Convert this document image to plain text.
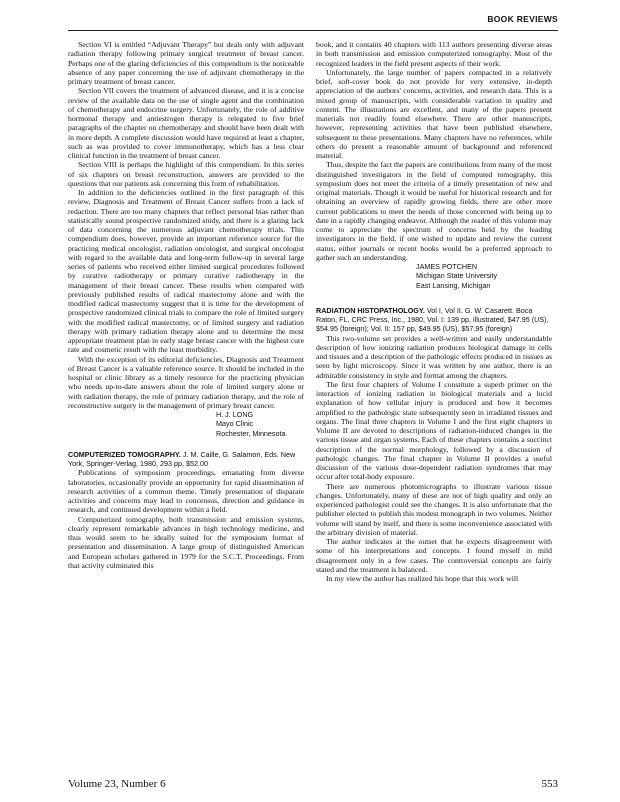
BOOK REVIEWS

Section VI is entitled “Adjuvant Therapy” but deals only with adjuvant radiation therapy following primary surgical treatment of breast cancer. Perhaps one of the glaring deficiencies of this compendium is the noticeable absence of any paper concerning the use of adjuvant chemotherapy in the primary treatment of breast cancer.

Section VII covers the treatment of advanced disease, and it is a concise review of the available data on the use of single agent and the combination of chemotherapy and endocrine surgery. Unfortunately, the role of additive hormonal therapy and antiestrogen therapy is relegated to five brief paragraphs of the chapter on chemotherapy and should have been dealt with in more depth. A complete discussion would have required at least a chapter, such as was provided to cover immunotherapy, which has a less clear clinical function in the treatment of breast cancer.

Section VIII is perhaps the highlight of this compendium. In this series of six chapters on breast reconstruction, answers are provided to the questions that our patients ask concerning this form of rehabilitation.

In addition to the deficiencies outlined in the first paragraph of this review, Diagnosis and Treatment of Breast Cancer suffers from a lack of redaction. There are too many chapters that reflect personal bias rather than statistically sound prospective randomized study, and there is a glaring lack of data concerning the numerous adjuvant chemotherapy trials. This compendium does, however, provide an important reference source for the practicing medical oncologist, radiation oncologist, and surgical oncologist with regard to the available data and long-term follow-up in several large series of patients who received either limited surgical procedures followed by curative radiotherapy or primary curative radiotherapy in the management of their breast cancer. These results when compared with previously published results of radical mastectomy alone and with the modified radical mastectomy suggest that it is time for the development of prospective randomized clinical trials to compare the role of limited surgery with the modified radical mastectomy, or of limited surgery and radiation therapy with primary radiation therapy alone and to determine the most appropriate treatment plan in early stage breast cancer with the highest cure rate and cosmetic result with the least morbidity.

With the exception of its editorial deficiencies, Diagnosis and Treatment of Breast Cancer is a valuable reference source. It should be included in the hospital or clinic library as a timely resource for the practicing physician who needs up-to-date answers about the role of limited surgery alone or with radiation therapy, the role of primary radiation therapy, and the role of reconstructive surgery in the management of primary breast cancer.

H. J. LONG
Mayo Clinic
Rochester, Minnesota
COMPUTERIZED TOMOGRAPHY. J. M. Caille, G. Salamon, Eds. New York, Springer-Verlag, 1980, 293 pp, $52.00

Publications of symposium proceedings, emanating from diverse laboratories, occasionally provide an opportunity for rapid dissemination of research activities of a common theme. Timely presentation of disparate activities and concerns may lead to concensus, direction and guidance in research, and continued development within a field.

Computerized tomography, both transmission and emission systems, clearly represent remarkable advances in high technology medicine, and thus would seem to be ideally suited for the symposium format of presentation and dissemination. A large group of distinguished American and European scholars gathered in 1979 for the S.C.T. Proceedings. From that activity culminated this

book, and it contains 40 chapters with 113 authors presenting diverse areas in both transmission and emission computerized tomography. Most of the recognized leaders in the field present aspects of their work.

Unfortunately, the large number of papers compacted in a relatively brief, soft-cover book do not provide for very extensive, in-depth appreciation of the authors' concerns, activities, and research data. This is a mixed group of manuscripts, with considerable variation in quality and content. The illustrations are excellent, and many of the papers present materials not readily found elsewhere. There are other manuscripts, however, representing activities that have been published elsewhere, subsequent to these presentations. Many chapters have no references, while others do present a reasonable amount of background and referenced material.

Thus, despite the fact the papers are contributions from many of the most distinguished investigators in the field of computed tomography, this symposium does not meet the criteria of a timely presentation of new and original materials. Though it would be useful for historical research and for obtaining an overview of rapidly growing fields, there are other more current publications to meet the needs of those concerned with being up to date in a rapidly changing endeavor. Although the reader of this volume may come to appreciate the spectrum of concerns held by the leading investigators in the field, if one wished to update and review the current status, either journals or recent books would be a preferred approach to gather such an understanding.

JAMES POTCHEN
Michigan State University
East Lansing, Michigan
RADIATION HISTOPATHOLOGY. Vol I, Vol II. G. W. Casarett. Boca Raton, FL, CRC Press, Inc., 1980, Vol. I: 139 pp, illustrated, $47.95 (US), $54.95 (foreign); Vol. II: 157 pp, $49.95 (US), $57.95 (foreign)

This two-volume set provides a well-written and easily understandable description of how ionizing radiation produces biological damage in cells and tissues and a description of the pathologic effects produced in tissues as seen by light microscopy. Since it was written by one author, there is an admirable consistency in style and format among the chapters.

The first four chapters of Volume I constitute a superb primer on the interaction of ionizing radiation in biological materials and a lucid explanation of how cellular injury is produced and how it becomes amplified to the pathologic state subsequently seen in irradiated tissues and organs. The final three chapters in Volume I and the first eight chapters in Volume II are devoted to descriptions of radiation-induced changes in the various tissue and organ systems. Each of these chapters contains a succinct description of the normal morphology, followed by a discussion of pathologic changes. The final chapter in Volume II provides a useful discussion of the various dose-dependent radiation syndromes that may occur after total-body exposure.

There are numerous photomicrographs to illustrate various tissue changes. Unfortunately, many of these are not of high quality and only an experienced pathologist could see the changes. It is also unfortunate that the publisher elected to publish this modest monograph in two volumes. Neither volume will stand by itself, and there is some inconvenience associated with the arbitrary division of material.

The author indicates at the outset that he expects disagreement with some of his interpretations and concepts. I found myself in mild disagreement only in a few cases. The controversial concepts are fairly stated and the treatment is balanced.

In my view the author has realized his hope that this work will

Volume 23, Number 6	553
